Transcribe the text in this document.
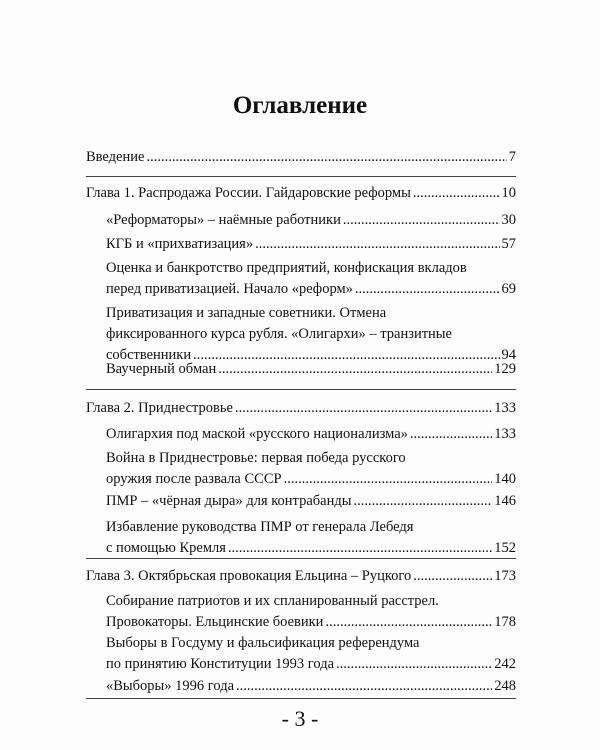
Оглавление
Введение .....	7
Глава 1. Распродажа России. Гайдаровские реформы .....	10
«Реформаторы» – наёмные работники .....	30
КГБ и «прихватизация» .....	57
Оценка и банкротство предприятий, конфискация вкладов
перед приватизацией. Начало «реформ» .....	69
Приватизация и западные советники. Отмена
фиксированного курса рубля. «Олигархи» – транзитные
собственники .....	94
Ваучерный обман .....	129
Глава 2. Приднестровье .....	133
Олигархия под маской «русского национализма» .....	133
Война в Приднестровье: первая победа русского
оружия после развала СССР .....	140
ПМР – «чёрная дыра» для контрабанды .....	146
Избавление руководства ПМР от генерала Лебедя
с помощью Кремля .....	152
Глава 3. Октябрьская провокация Ельцина – Руцкого .....	173
Собирание патриотов и их спланированный расстрел.
Провокаторы. Ельцинские боевики .....	178
Выборы в Госдуму и фальсификация референдума
по принятию Конституции 1993 года .....	242
«Выборы» 1996 года .....	248
- 3 -
